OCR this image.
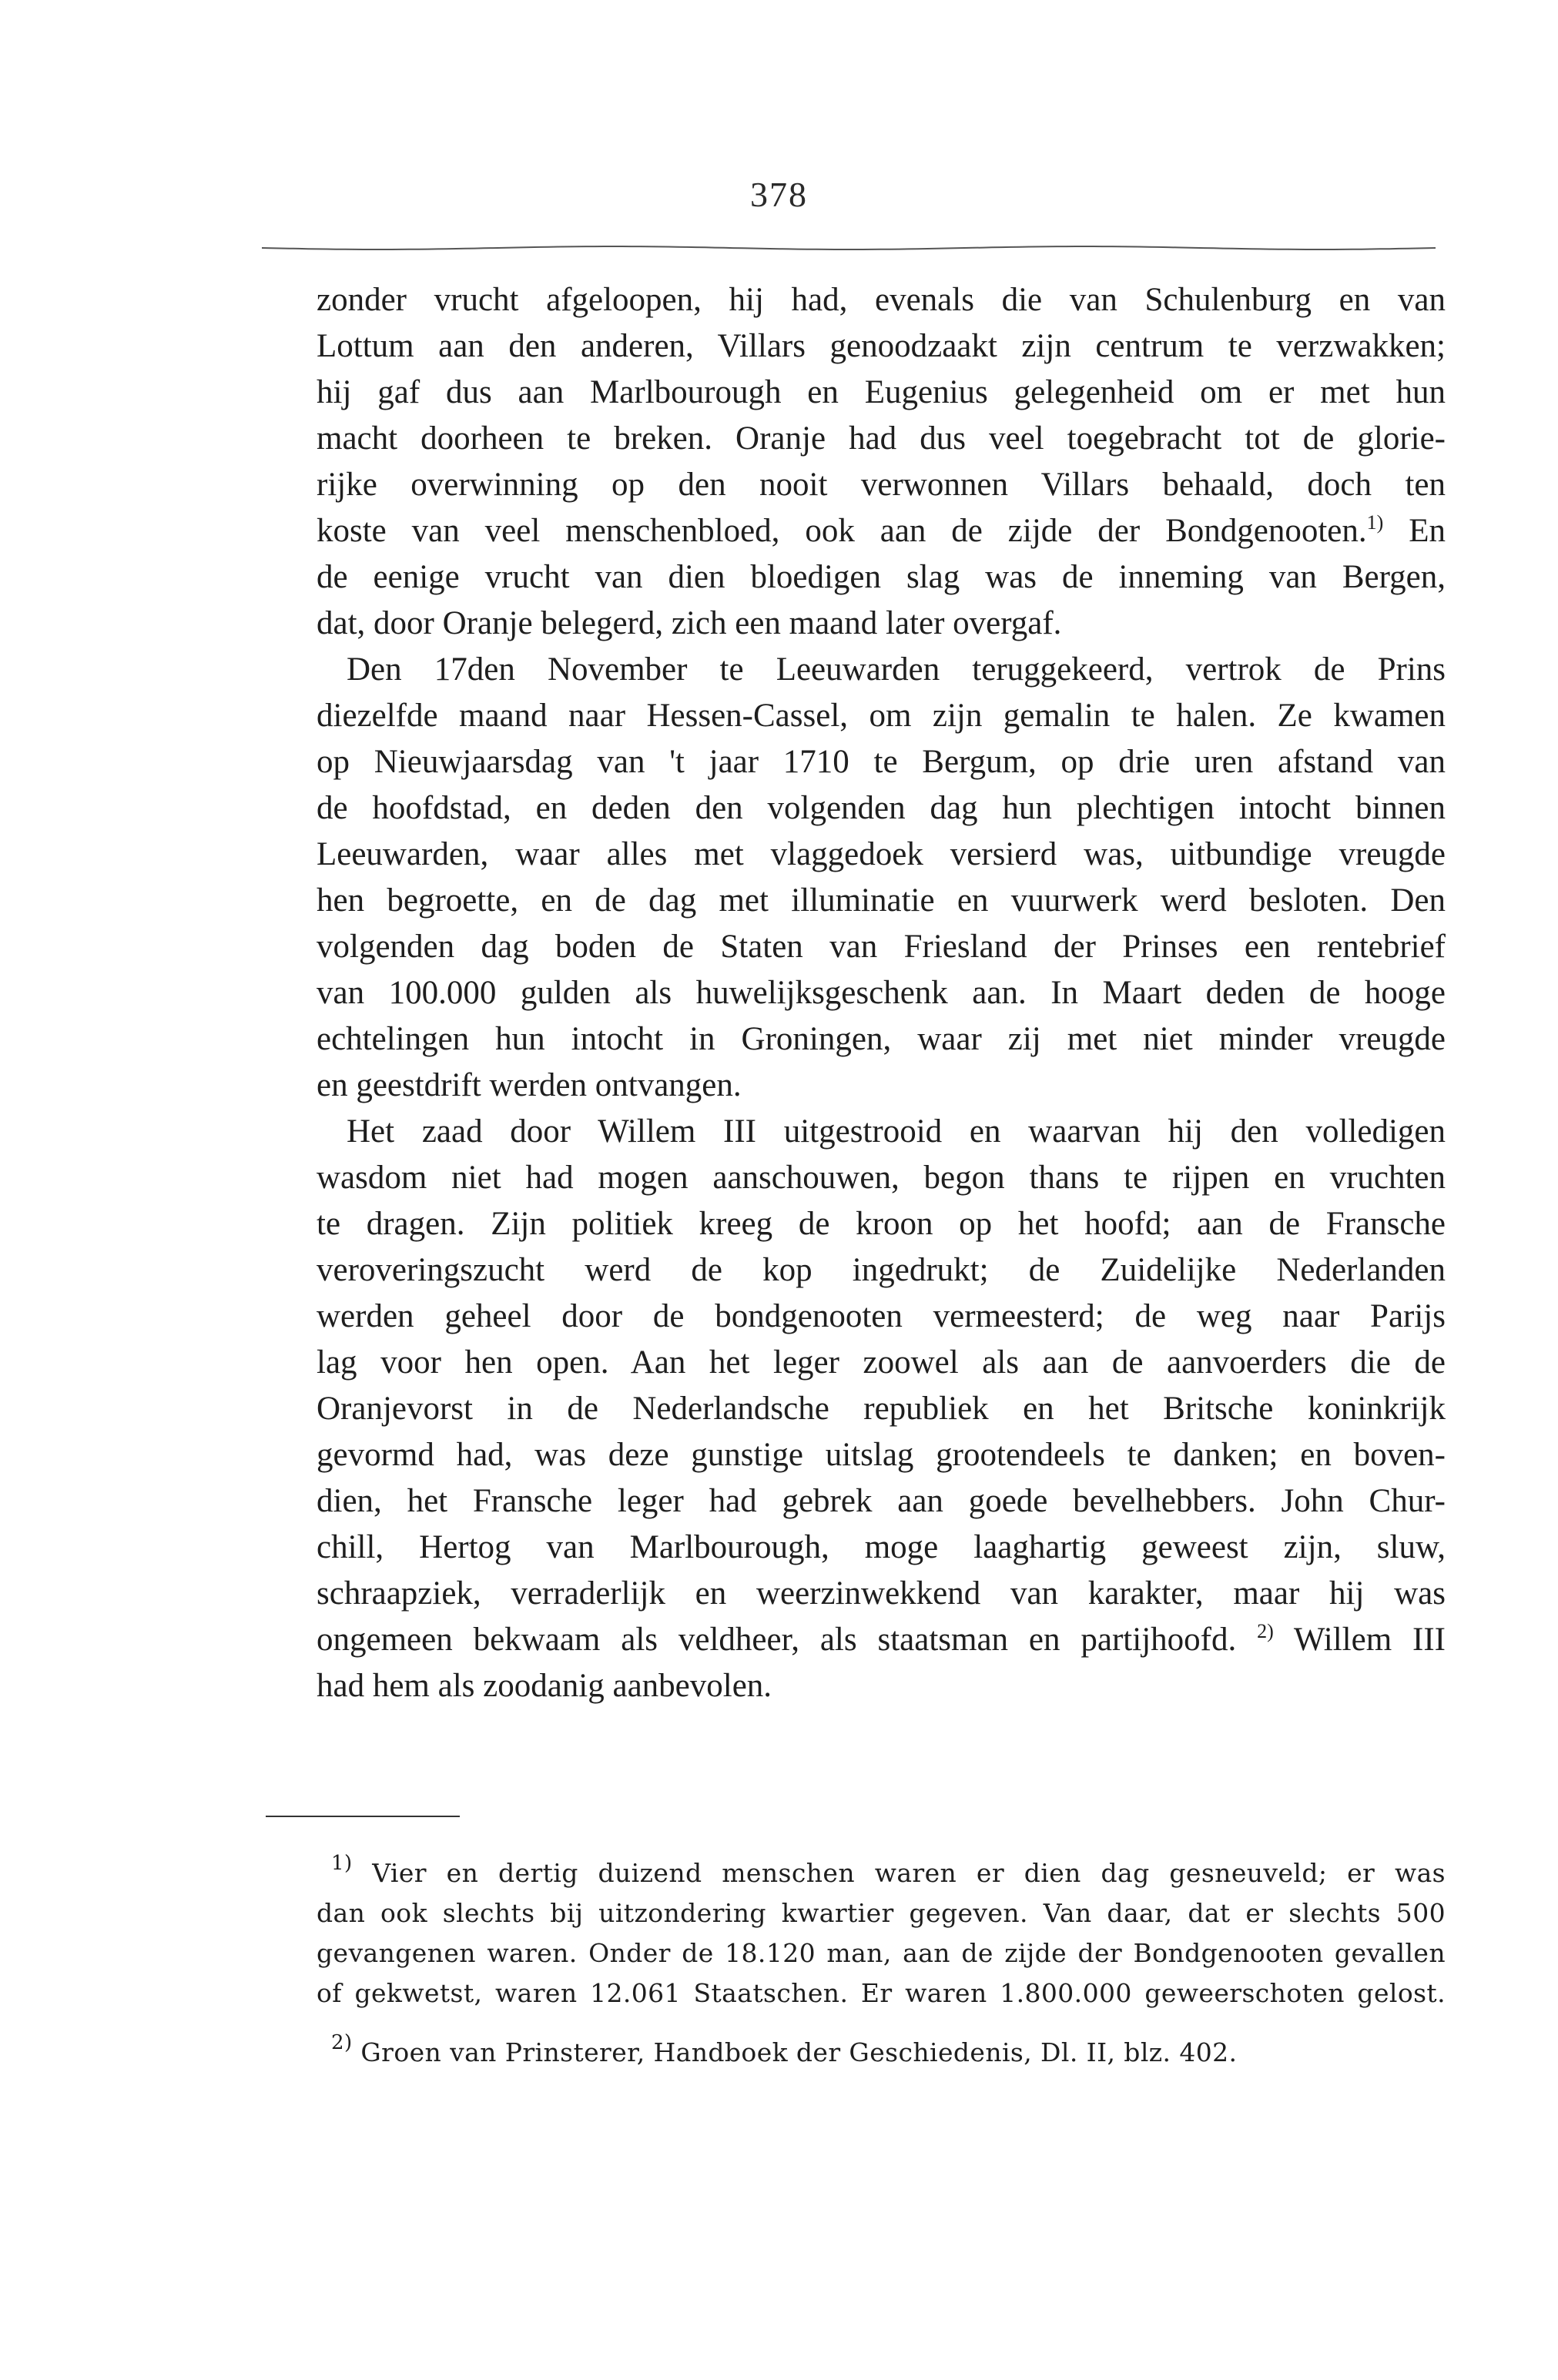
378
zonder vrucht afgeloopen, hij had, evenals die van Schulenburg en van
Lottum aan den anderen, Villars genoodzaakt zijn centrum te verzwakken;
hij gaf dus aan Marlbourough en Eugenius gelegenheid om er met hun
macht doorheen te breken. Oranje had dus veel toegebracht tot de glorie-
rijke overwinning op den nooit verwonnen Villars behaald, doch ten
koste van veel menschenbloed, ook aan de zijde der Bondgenooten.$^{1)}$ En
de eenige vrucht van dien bloedigen slag was de inneming van Bergen,
dat, door Oranje belegerd, zich een maand later overgaf.
Den 17den November te Leeuwarden teruggekeerd, vertrok de Prins
diezelfde maand naar Hessen-Cassel, om zijn gemalin te halen. Ze kwamen
op Nieuwjaarsdag van 't jaar 1710 te Bergum, op drie uren afstand van
de hoofdstad, en deden den volgenden dag hun plechtigen intocht binnen
Leeuwarden, waar alles met vlaggedoek versierd was, uitbundige vreugde
hen begroette, en de dag met illuminatie en vuurwerk werd besloten. Den
volgenden dag boden de Staten van Friesland der Prinses een rentebrief
van 100.000 gulden als huwelijksgeschenk aan. In Maart deden de hooge
echtelingen hun intocht in Groningen, waar zij met niet minder vreugde
en geestdrift werden ontvangen.
Het zaad door Willem III uitgestrooid en waarvan hij den volledigen
wasdom niet had mogen aanschouwen, begon thans te rijpen en vruchten
te dragen. Zijn politiek kreeg de kroon op het hoofd; aan de Fransche
veroveringszucht werd de kop ingedrukt; de Zuidelijke Nederlanden
werden geheel door de bondgenooten vermeesterd; de weg naar Parijs
lag voor hen open. Aan het leger zoowel als aan de aanvoerders die de
Oranjevorst in de Nederlandsche republiek en het Britsche koninkrijk
gevormd had, was deze gunstige uitslag grootendeels te danken; en boven-
dien, het Fransche leger had gebrek aan goede bevelhebbers. John Chur-
chill, Hertog van Marlbourough, moge laaghartig geweest zijn, sluw,
schraapziek, verraderlijk en weerzinwekkend van karakter, maar hij was
ongemeen bekwaam als veldheer, als staatsman en partijhoofd. $^{2)}$ Willem III
had hem als zoodanig aanbevolen.
$^{1)}$ Vier en dertig duizend menschen waren er dien dag gesneuveld; er was
dan ook slechts bij uitzondering kwartier gegeven. Van daar, dat er slechts 500
gevangenen waren. Onder de 18.120 man, aan de zijde der Bondgenooten gevallen
of gekwetst, waren 12.061 Staatschen. Er waren 1.800.000 geweerschoten gelost.
$^{2)}$ Groen van Prinsterer, Handboek der Geschiedenis, Dl. II, blz. 402.
